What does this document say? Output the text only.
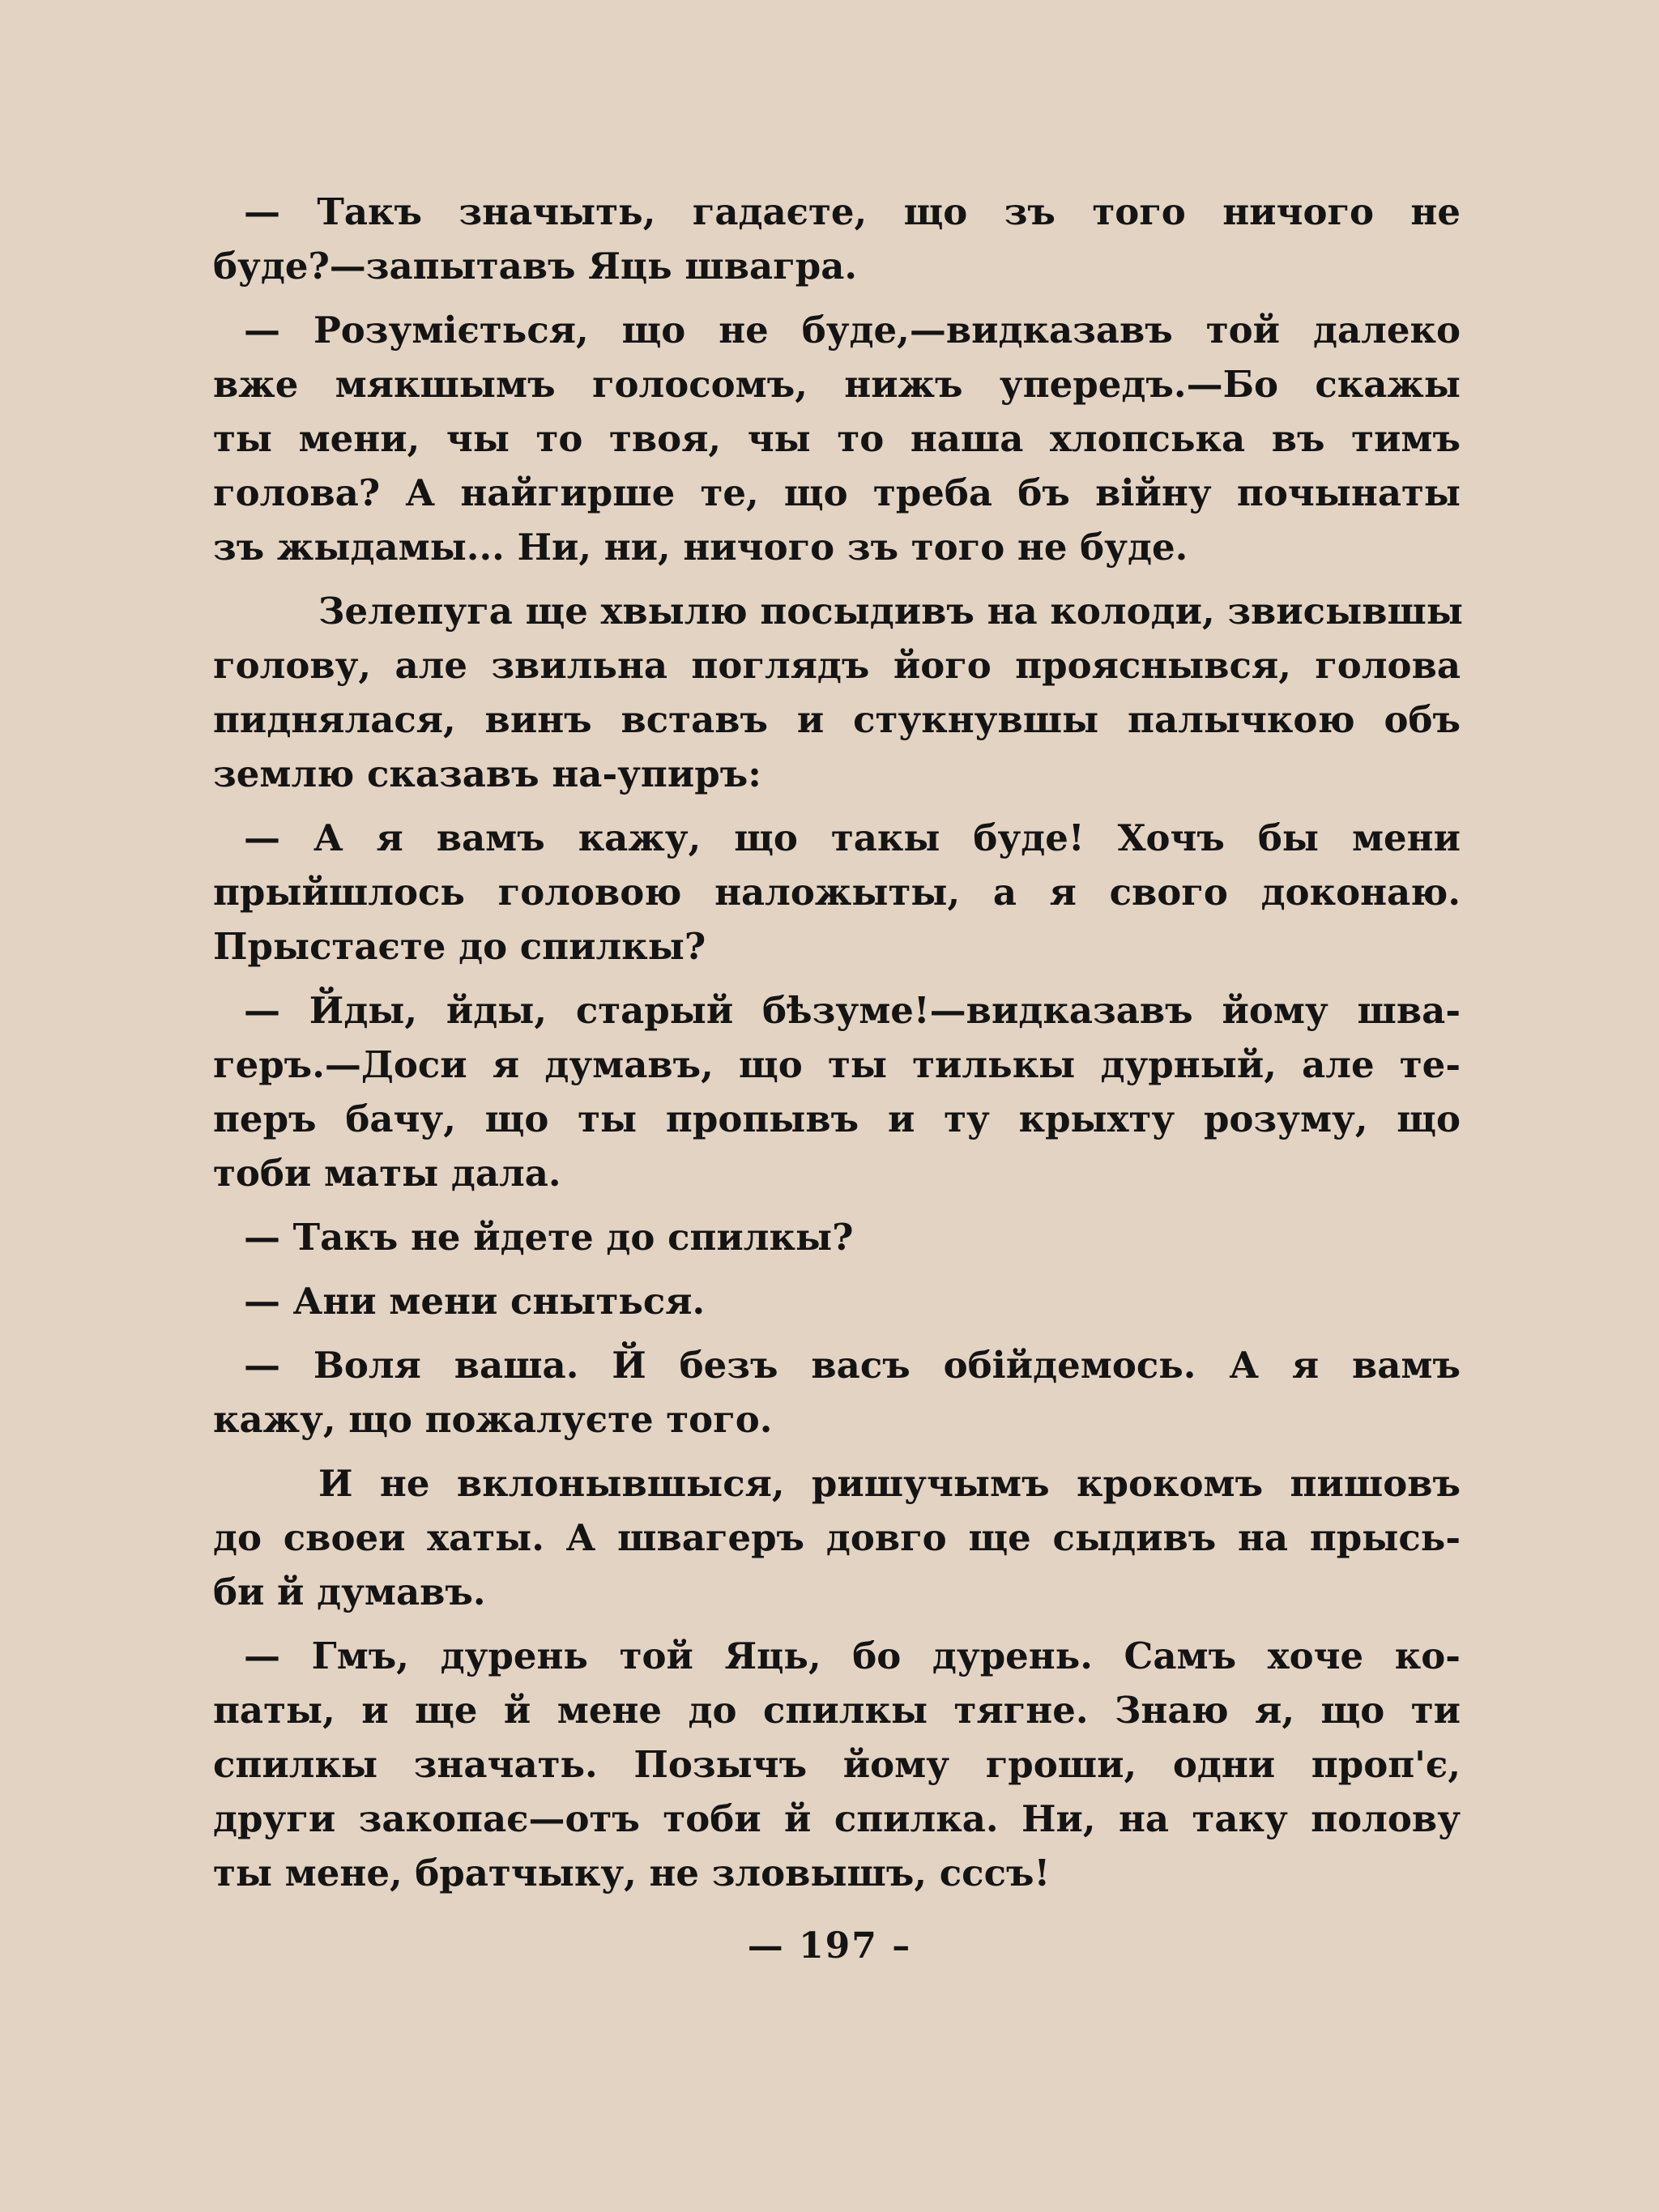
— Такъ значыть, гадаєте, що зъ того ничого не
буде?—запытавъ Яць швагра.
— Розуміється, що не буде,—видказавъ той далеко
вже мякшымъ голосомъ, нижъ упередъ.—Бо скажы
ты мени, чы то твоя, чы то наша хлопська въ тимъ
голова? А найгирше те, що треба бъ війну почынаты
зъ жыдамы... Ни, ни, ничого зъ того не буде.
Зелепуга ще хвылю посыдивъ на колоди, звисывшы
голову, але звильна поглядъ його прояснывся, голова
пиднялася, винъ вставъ и стукнувшы палычкою объ
землю сказавъ на-упиръ:
— А я вамъ кажу, що такы буде! Хочъ бы мени
прыйшлось головою наложыты, а я свого доконаю.
Прыстаєте до спилкы?
— Йды, йды, старый бѣзуме!—видказавъ йому шва-
геръ.—Доси я думавъ, що ты тилькы дурный, але те-
перъ бачу, що ты пропывъ и ту крыхту розуму, що
тоби маты дала.
— Такъ не йдете до спилкы?
— Ани мени сныться.
— Воля ваша. Й безъ васъ обійдемось. А я вамъ
кажу, що пожалуєте того.
И не вклонывшыся, ришучымъ крокомъ пишовъ
до своеи хаты. А швагеръ довго ще сыдивъ на прысь-
би й думавъ.
— Гмъ, дурень той Яць, бо дурень. Самъ хоче ко-
паты, и ще й мене до спилкы тягне. Знаю я, що ти
спилкы значать. Позычъ йому гроши, одни проп'є,
други закопає—отъ тоби й спилка. Ни, на таку полову
ты мене, братчыку, не зловышъ, сссъ!
— 197 –
